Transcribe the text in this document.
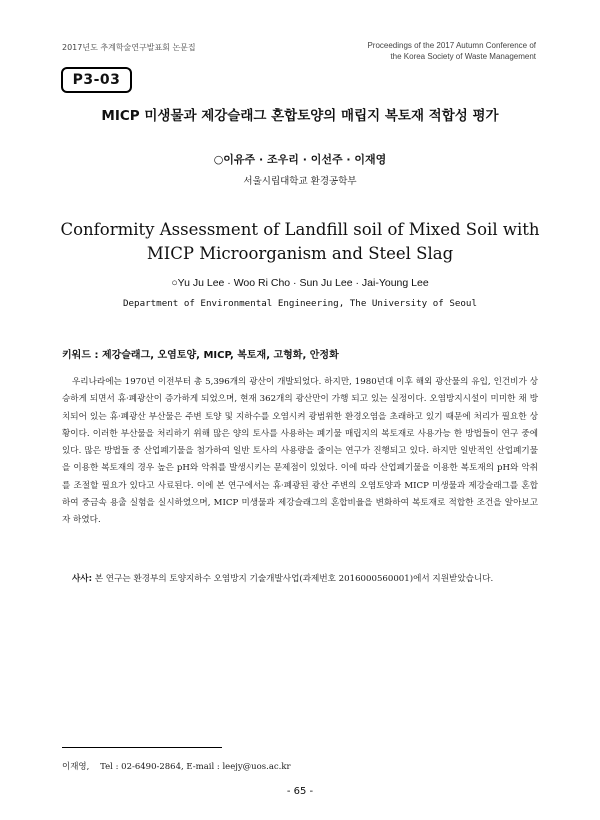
2017년도 추계학술연구발표회 논문집	Proceedings of the 2017 Autumn Conference of
the Korea Society of Waste Management
P3-03
MICP 미생물과 제강슬래그 혼합토양의 매립지 복토재 적합성 평가
○이유주 · 조우리 · 이선주 · 이재영
서울시립대학교 환경공학부
Conformity Assessment of Landfill soil of Mixed Soil with
MICP Microorganism and Steel Slag
○Yu Ju Lee · Woo Ri Cho · Sun Ju Lee · Jai-Young Lee
Department of Environmental Engineering, The University of Seoul
키워드 : 제강슬래그, 오염토양, MICP, 복토재, 고형화, 안정화
우리나라에는 1970년 이전부터 총 5,396개의 광산이 개발되었다. 하지만, 1980년대 이후 해외 광산물의 유입, 인건비가 상승하게 되면서 휴·폐광산이 증가하게 되었으며, 현재 362개의 광산만이 가행 되고 있는 실정이다. 오염방지시설이 미미한 채 방치되어 있는 휴·폐광산 부산물은 주변 토양 및 지하수를 오염시켜 광범위한 환경오염을 초래하고 있기 때문에 처리가 필요한 상황이다. 이러한 부산물을 처리하기 위해 많은 양의 토사를 사용하는 폐기물 매립지의 복토재로 사용가능 한 방법들이 연구 중에 있다. 많은 방법들 중 산업폐기물을 첨가하여 일반 토사의 사용량을 줄이는 연구가 진행되고 있다. 하지만 일반적인 산업폐기물을 이용한 복토재의 경우 높은 pH와 악취를 발생시키는 문제점이 있었다. 이에 따라 산업폐기물을 이용한 복토재의 pH와 악취를 조절할 필요가 있다고 사료된다. 이에 본 연구에서는 휴·폐광된 광산 주변의 오염토양과 MICP 미생물과 제강슬래그를 혼합하여 중금속 용출 실험을 실시하였으며, MICP 미생물과 제강슬래그의 혼합비율을 변화하여 복토재로 적합한 조건을 알아보고자 하였다.
사사: 본 연구는 환경부의 토양지하수 오염방지 기술개발사업(과제번호 2016000560001)에서 지원받았습니다.
이재영,    Tel : 02-6490-2864, E-mail : leejy@uos.ac.kr
- 65 -
